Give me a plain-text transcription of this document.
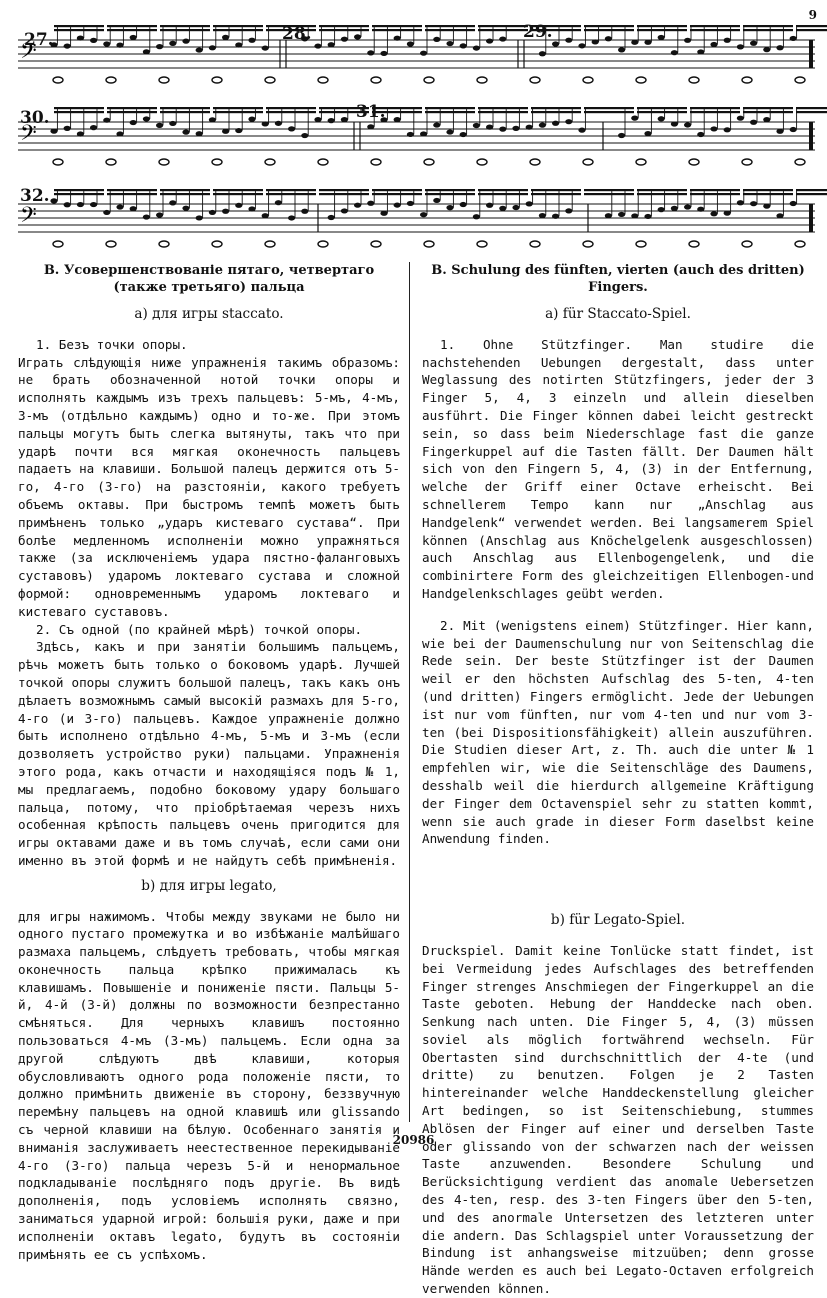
9
𝄢
27.	28.	29.
𝄢
30.	31.
𝄢
32.
B. Усовершенствованіе пятаго, четвертаго (также третьяго) пальца
а) для игры staccato.

1. Безъ точки опоры.

Играть слѣдующія ниже упражненія такимъ образомъ: не брать обозначенной нотой точки опоры и исполнять каждымъ изъ трехъ пальцевъ: 5-мъ, 4-мъ, 3-мъ (отдѣльно каждымъ) одно и то-же. При этомъ пальцы могутъ быть слегка вытянуты, такъ что при ударѣ почти вся мягкая оконечность пальцевъ падаетъ на клавиши. Большой палецъ держится отъ 5-го, 4-го (3-го) на разстояніи, какого требуетъ объемъ октавы. При быстромъ темпѣ можетъ быть примѣненъ только „ударъ кистеваго сустава“. При болѣе медленномъ исполненіи можно упражняться также (за исключеніемъ удара пястно-фаланговыхъ суставовъ) ударомъ локтеваго сустава и сложной формой: одновременнымъ ударомъ локтеваго и кистеваго суставовъ.

2. Съ одной (по крайней мѣрѣ) точкой опоры.

Здѣсь, какъ и при занятіи большимъ пальцемъ, рѣчь можетъ быть только о боковомъ ударѣ. Лучшей точкой опоры служитъ большой палецъ, такъ какъ онъ дѣлаетъ возможнымъ самый высокій размахъ для 5-го, 4-го (и 3-го) пальцевъ. Каждое упражненіе должно быть исполнено отдѣльно 4-мъ, 5-мъ и 3-мъ (если дозволяетъ устройство руки) пальцами. Упражненія этого рода, какъ отчасти и находящіяся подъ № 1, мы предлагаемъ, подобно боковому удару большаго пальца, потому, что пріобрѣтаемая черезъ нихъ особенная крѣпость пальцевъ очень пригодится для игры октавами даже и въ томъ случаѣ, если сами они именно въ этой формѣ и не найдутъ себѣ примѣненія.

b) для игры legato,

для игры нажимомъ. Чтобы между звуками не было ни одного пустаго промежутка и во избѣжаніе малѣйшаго размаха пальцемъ, слѣдуетъ требовать, чтобы мягкая оконечность пальца крѣпко прижималась къ клавишамъ. Повышеніе и пониженіе пясти. Пальцы 5-й, 4-й (3-й) должны по возможности безпрестанно смѣняться. Для черныхъ клавишъ постоянно пользоваться 4-мъ (3-мъ) пальцемъ. Если одна за другой слѣдуютъ двѣ клавиши, которыя обусловливаютъ одного рода положеніе пясти, то должно примѣнить движеніе въ сторону, беззвучную перемѣну пальцевъ на одной клавишѣ или glissando съ черной клавиши на бѣлую. Особеннаго занятія и вниманія заслуживаетъ неестественное перекидываніе 4-го (3-го) пальца черезъ 5-й и ненормальное подкладываніе послѣдняго подъ другіе. Въ видѣ дополненія, подъ условіемъ исполнять связно, заниматься ударной игрой: большія руки, даже и при исполненіи октавъ legato, будутъ въ состояніи примѣнять ее съ успѣхомъ.

B. Schulung des fünften, vierten (auch des dritten) Fingers.
a) für Staccato-Spiel.

1. Ohne Stützfinger. Man studire die nachstehenden Uebungen dergestalt, dass unter Weglassung des notirten Stützfingers, jeder der 3 Finger 5, 4, 3 einzeln und allein dieselben ausführt. Die Finger können dabei leicht gestreckt sein, so dass beim Niederschlage fast die ganze Fingerkuppel auf die Tasten fällt. Der Daumen hält sich von den Fingern 5, 4, (3) in der Entfernung, welche der Griff einer Octave erheischt. Bei schnellerem Tempo kann nur „Anschlag aus Handgelenk“ verwendet werden. Bei langsamerem Spiel können (Anschlag aus Knöchelgelenk ausgeschlossen) auch Anschlag aus Ellenbogengelenk, und die combinirtere Form des gleichzeitigen Ellenbogen-und Handgelenkschlages geübt werden.

2. Mit (wenigstens einem) Stützfinger. Hier kann, wie bei der Daumenschulung nur von Seitenschlag die Rede sein. Der beste Stützfinger ist der Daumen weil er den höchsten Aufschlag des 5-ten, 4-ten (und dritten) Fingers ermöglicht. Jede der Uebungen ist nur vom fünften, nur vom 4-ten und nur vom 3-ten (bei Dispositionsfähigkeit) allein auszuführen. Die Studien dieser Art, z. Th. auch die unter № 1 empfehlen wir, wie die Seitenschläge des Daumens, desshalb weil die hierdurch allgemeine Kräftigung der Finger dem Octavenspiel sehr zu statten kommt, wenn sie auch grade in dieser Form daselbst keine Anwendung finden.

b) für Legato-Spiel.

Druckspiel. Damit keine Tonlücke statt findet, ist bei Vermeidung jedes Aufschlages des betreffenden Finger strenges Anschmiegen der Fingerkuppel an die Taste geboten. Hebung der Handdecke nach oben. Senkung nach unten. Die Finger 5, 4, (3) müssen soviel als möglich fortwährend wechseln. Für Obertasten sind durchschnittlich der 4-te (und dritte) zu benutzen. Folgen je 2 Tasten hintereinander welche Handdeckenstellung gleicher Art bedingen, so ist Seitenschiebung, stummes Ablösen der Finger auf einer und derselben Taste oder glissando von der schwarzen nach der weissen Taste anzuwenden. Besondere Schulung und Berücksichtigung verdient das anomale Uebersetzen des 4-ten, resp. des 3-ten Fingers über den 5-ten, und des anormale Untersetzen des letzteren unter die andern. Das Schlagspiel unter Voraussetzung der Bindung ist anhangsweise mitzuüben; denn grosse Hände werden es auch bei Legato-Octaven erfolgreich verwenden können.

20986
